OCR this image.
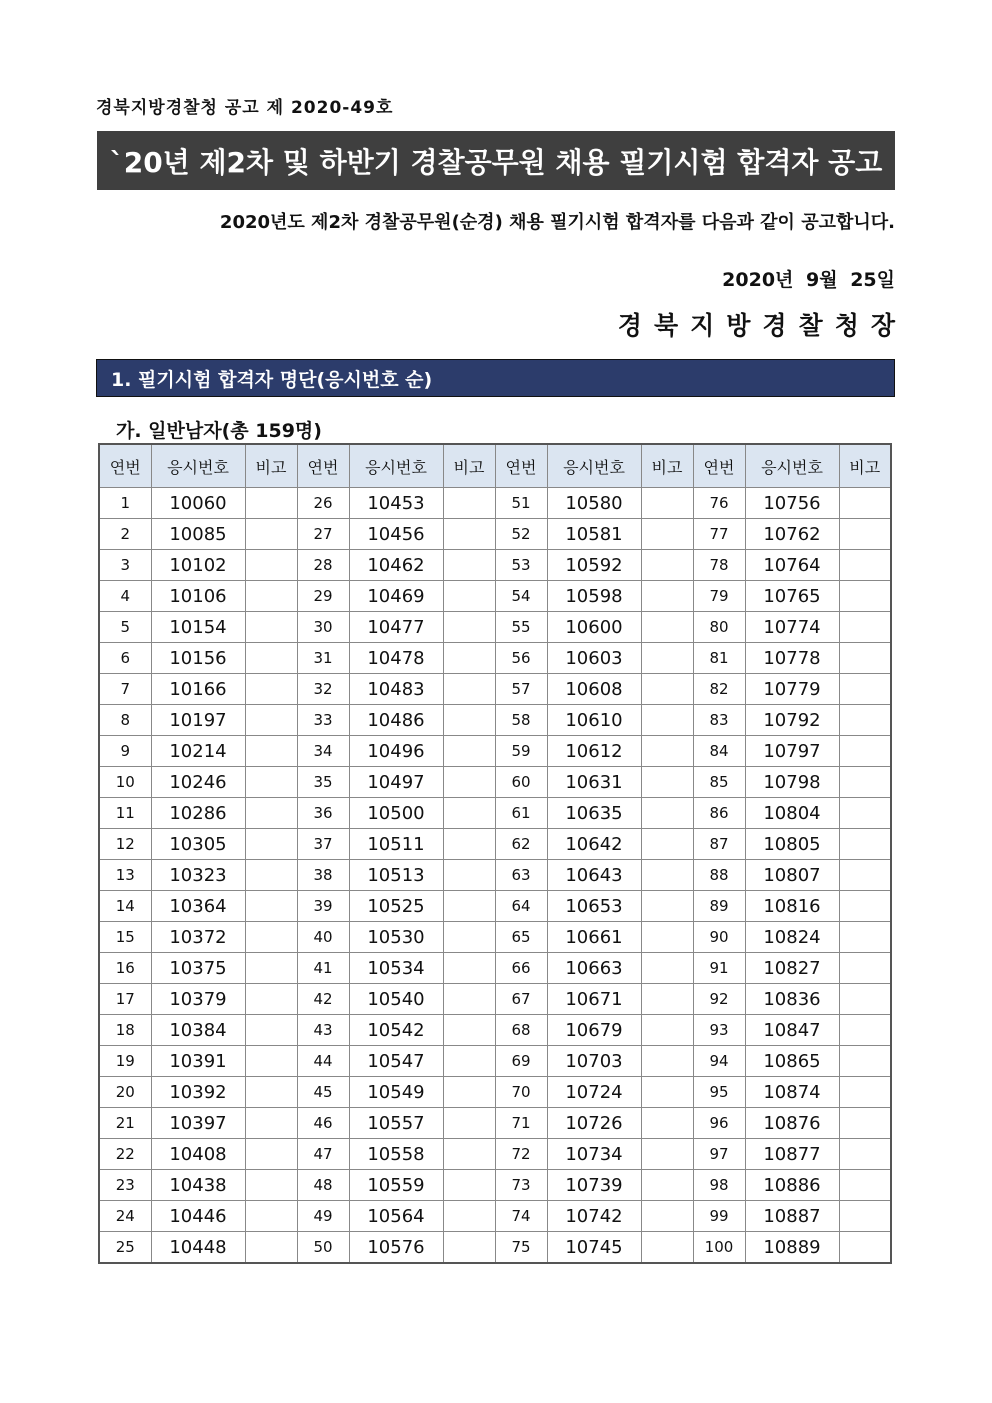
경북지방경찰청 공고 제 2020-49호
`20년 제2차 및 하반기 경찰공무원 채용 필기시험 합격자 공고
2020년도 제2차 경찰공무원(순경) 채용 필기시험 합격자를 다음과 같이 공고합니다.
2020년 9월 25일
경북지방경찰청장
1. 필기시험 합격자 명단(응시번호 순)
가. 일반남자(총 159명)
연번	응시번호	비고	연번	응시번호	비고	연번	응시번호	비고	연번	응시번호	비고
1	10060		26	10453		51	10580		76	10756	
2	10085		27	10456		52	10581		77	10762	
3	10102		28	10462		53	10592		78	10764	
4	10106		29	10469		54	10598		79	10765	
5	10154		30	10477		55	10600		80	10774	
6	10156		31	10478		56	10603		81	10778	
7	10166		32	10483		57	10608		82	10779	
8	10197		33	10486		58	10610		83	10792	
9	10214		34	10496		59	10612		84	10797	
10	10246		35	10497		60	10631		85	10798	
11	10286		36	10500		61	10635		86	10804	
12	10305		37	10511		62	10642		87	10805	
13	10323		38	10513		63	10643		88	10807	
14	10364		39	10525		64	10653		89	10816	
15	10372		40	10530		65	10661		90	10824	
16	10375		41	10534		66	10663		91	10827	
17	10379		42	10540		67	10671		92	10836	
18	10384		43	10542		68	10679		93	10847	
19	10391		44	10547		69	10703		94	10865	
20	10392		45	10549		70	10724		95	10874	
21	10397		46	10557		71	10726		96	10876	
22	10408		47	10558		72	10734		97	10877	
23	10438		48	10559		73	10739		98	10886	
24	10446		49	10564		74	10742		99	10887	
25	10448		50	10576		75	10745		100	10889	
